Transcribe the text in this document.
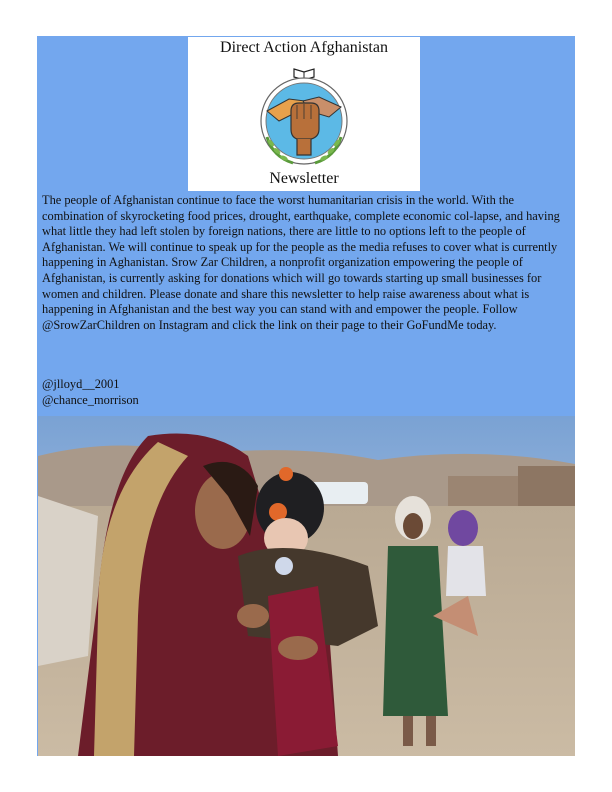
Direct Action Afghanistan
Newsletter

The people of Afghanistan continue to face the worst humanitarian crisis in the world. With the combination of skyrocketing food prices, drought, earthquake, complete economic col-lapse, and having what little they had left stolen by foreign nations, there are little to no options left to the people of Afghanistan. We will continue to speak up for the people as the media refuses to cover what is currently happening in Aghanistan. Srow Zar Children, a nonprofit organization empowering the people of Afghanistan, is currently asking for donations which will go towards starting up small businesses for women and children. Please donate and share this newsletter to help raise awareness about what is happening in Afghanistan and the best way you can stand with and empower the people. Follow @SrowZarChildren on Instagram and click the link on their page to their GoFundMe today.

@jlloyd__2001
@chance_morrison
